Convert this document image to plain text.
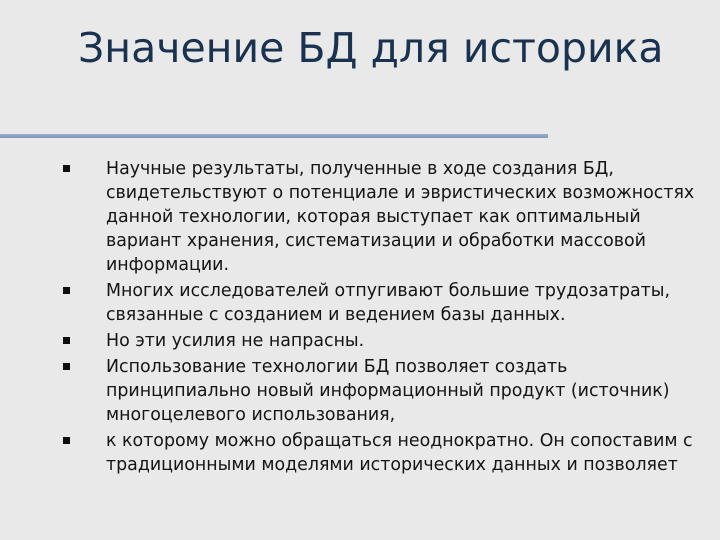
Значение БД для историка
Научные результаты, полученные в ходе создания БД, свидетельствуют о потенциале и эвристических возможностях данной технологии, которая выступает как оптимальный вариант хранения, систематизации и обработки массовой информации.
Многих исследователей отпугивают большие трудозатраты, связанные с созданием и ведением базы данных.
Но эти усилия не напрасны.
Использование технологии БД позволяет создать принципиально новый информационный продукт (источник) многоцелевого использования,
к которому можно обращаться неоднократно. Он сопоставим с традиционными моделями исторических данных и позволяет
